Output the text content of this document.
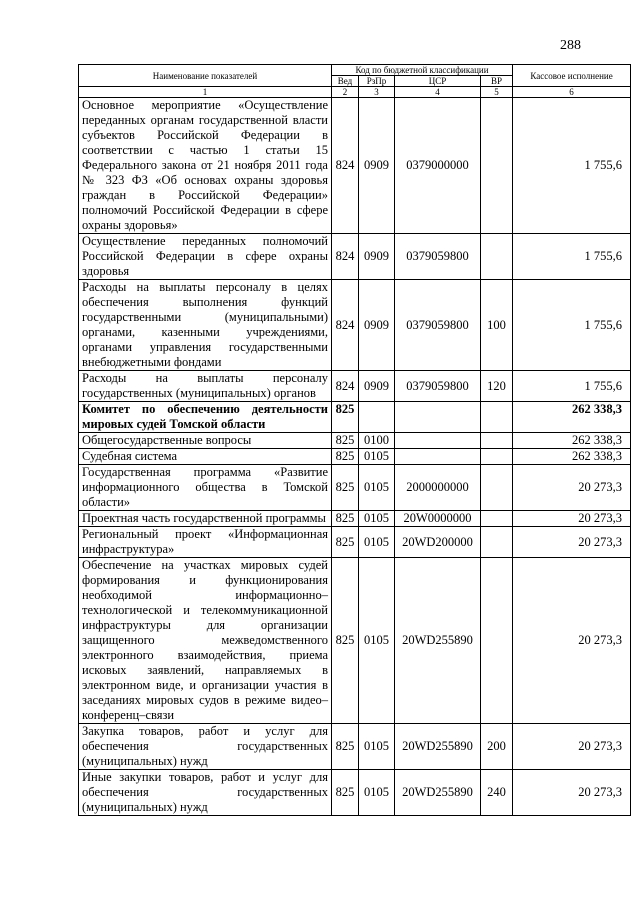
288
Наименование показателей	Код по бюджетной классификации				Кассовое исполнение
	Вед	РзПр	ЦСР	ВР	
1	2	3	4	5	6
Основное мероприятие «Осуществление переданных органам государственной власти субъектов Российской Федерации в соответствии с частью 1 статьи 15 Федерального закона от 21 ноября 2011 года № 323 ФЗ «Об основах охраны здоровья граждан в Российской Федерации» полномочий Российской Федерации в сфере охраны здоровья»	824	0909	0379000000		1 755,6
Осуществление переданных полномочий Российской Федерации в сфере охраны здоровья	824	0909	0379059800		1 755,6
Расходы на выплаты персоналу в целях обеспечения выполнения функций государственными (муниципальными) органами, казенными учреждениями, органами управления государственными внебюджетными фондами	824	0909	0379059800	100	1 755,6
Расходы на выплаты персоналу государственных (муниципальных) органов	824	0909	0379059800	120	1 755,6
Комитет по обеспечению деятельности мировых судей Томской области	825				262 338,3
Общегосударственные вопросы	825	0100			262 338,3
Судебная система	825	0105			262 338,3
Государственная программа «Развитие информационного общества в Томской области»	825	0105	2000000000		20 273,3
Проектная часть государственной программы	825	0105	20W0000000		20 273,3
Региональный проект «Информационная инфраструктура»	825	0105	20WD200000		20 273,3
Обеспечение на участках мировых судей формирования и функционирования необходимой информационно–технологической и телекоммуникационной инфраструктуры для организации защищенного межведомственного электронного взаимодействия, приема исковых заявлений, направляемых в электронном виде, и организации участия в заседаниях мировых судов в режиме видео–конференц–связи	825	0105	20WD255890		20 273,3
Закупка товаров, работ и услуг для обеспечения государственных (муниципальных) нужд	825	0105	20WD255890	200	20 273,3
Иные закупки товаров, работ и услуг для обеспечения государственных (муниципальных) нужд	825	0105	20WD255890	240	20 273,3
